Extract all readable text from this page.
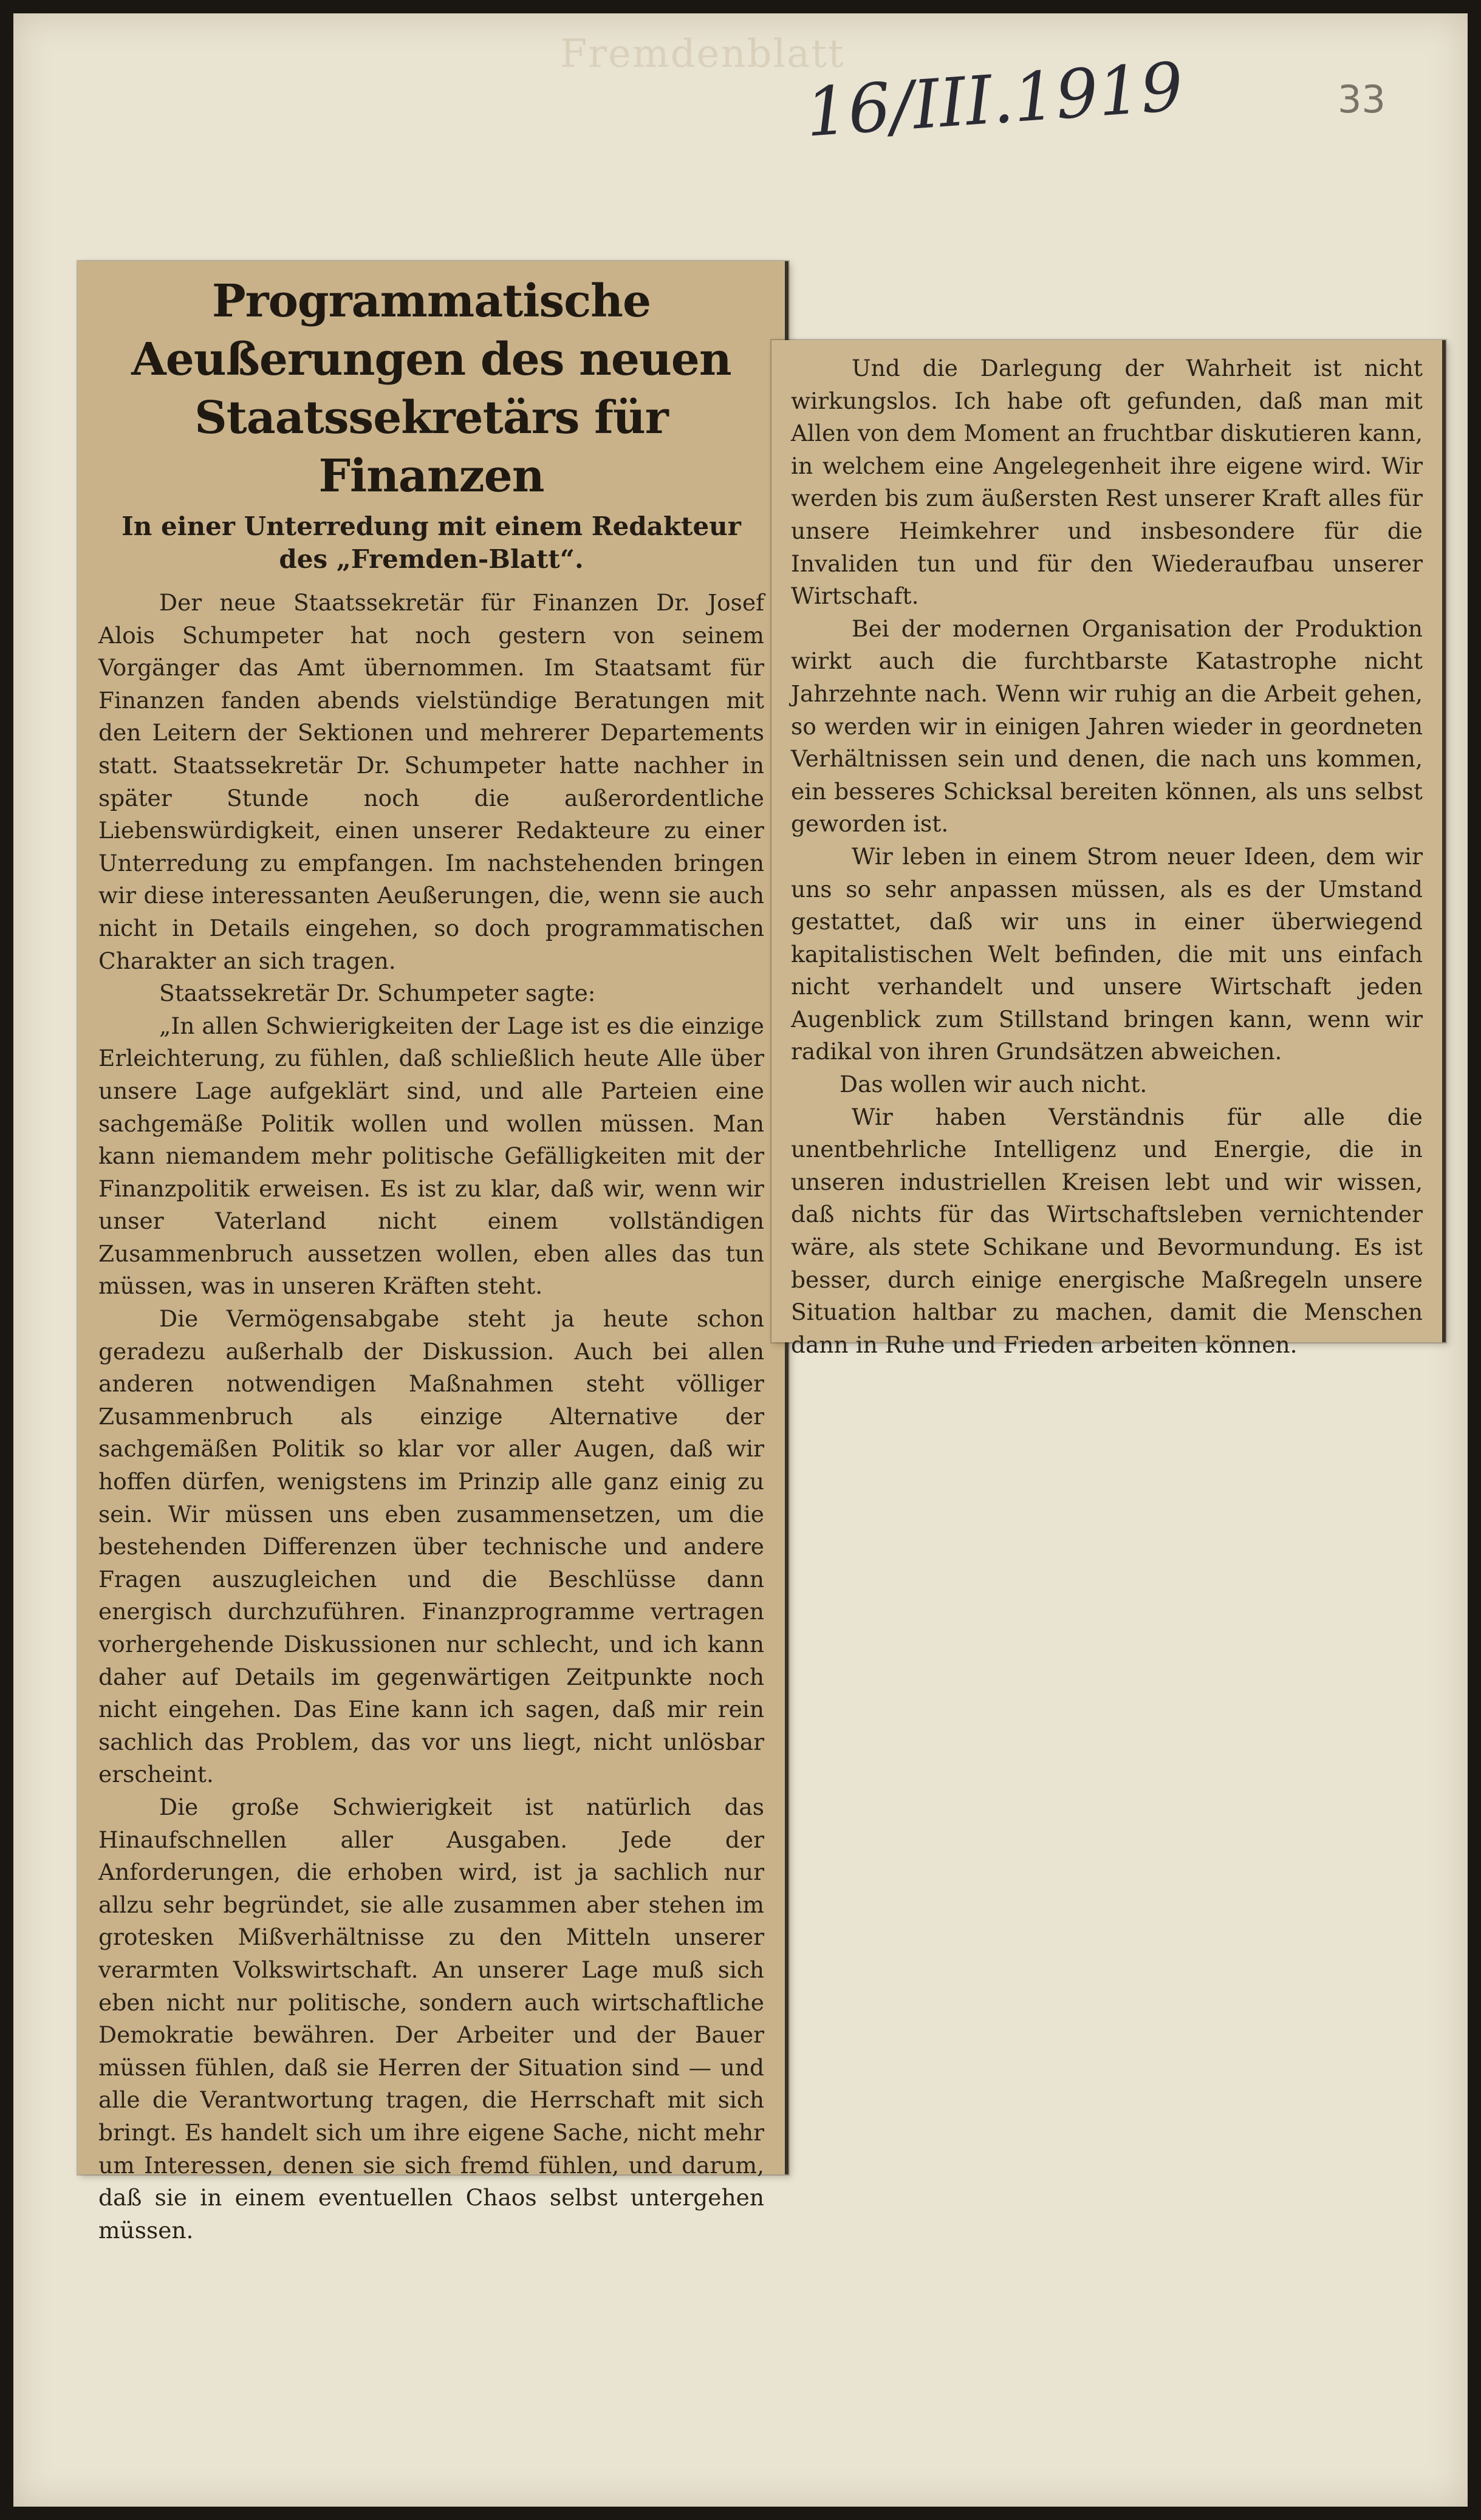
Fremdenblatt
16/III.1919	33
Programmatische Aeußerungen des neuen Staatssekretärs für Finanzen
In einer Unterredung mit einem Redakteur des „Fremden-Blatt“.

Der neue Staatssekretär für Finanzen Dr. Josef Alois Schumpeter hat noch gestern von seinem Vorgänger das Amt übernommen. Im Staatsamt für Finanzen fanden abends vielstündige Beratungen mit den Leitern der Sektionen und mehrerer Departements statt. Staatssekretär Dr. Schumpeter hatte nachher in später Stunde noch die außerordentliche Liebenswürdigkeit, einen unserer Redakteure zu einer Unterredung zu empfangen. Im nachstehenden bringen wir diese interessanten Aeußerungen, die, wenn sie auch nicht in Details eingehen, so doch programmatischen Charakter an sich tragen.

Staatssekretär Dr. Schumpeter sagte:

„In allen Schwierigkeiten der Lage ist es die einzige Erleichterung, zu fühlen, daß schließlich heute Alle über unsere Lage aufgeklärt sind, und alle Parteien eine sachgemäße Politik wollen und wollen müssen. Man kann niemandem mehr politische Gefälligkeiten mit der Finanzpolitik erweisen. Es ist zu klar, daß wir, wenn wir unser Vaterland nicht einem vollständigen Zusammenbruch aussetzen wollen, eben alles das tun müssen, was in unseren Kräften steht.

Die Vermögensabgabe steht ja heute schon geradezu außerhalb der Diskussion. Auch bei allen anderen notwendigen Maßnahmen steht völliger Zusammenbruch als einzige Alternative der sachgemäßen Politik so klar vor aller Augen, daß wir hoffen dürfen, wenigstens im Prinzip alle ganz einig zu sein. Wir müssen uns eben zusammensetzen, um die bestehenden Differenzen über technische und andere Fragen auszugleichen und die Beschlüsse dann energisch durchzuführen. Finanzprogramme vertragen vorhergehende Diskussionen nur schlecht, und ich kann daher auf Details im gegenwärtigen Zeitpunkte noch nicht eingehen. Das Eine kann ich sagen, daß mir rein sachlich das Problem, das vor uns liegt, nicht unlösbar erscheint.

Die große Schwierigkeit ist natürlich das Hinaufschnellen aller Ausgaben. Jede der Anforderungen, die erhoben wird, ist ja sachlich nur allzu sehr begründet, sie alle zusammen aber stehen im grotesken Mißverhältnisse zu den Mitteln unserer verarmten Volkswirtschaft. An unserer Lage muß sich eben nicht nur politische, sondern auch wirtschaftliche Demokratie bewähren. Der Arbeiter und der Bauer müssen fühlen, daß sie Herren der Situation sind — und alle die Verantwortung tragen, die Herrschaft mit sich bringt. Es handelt sich um ihre eigene Sache, nicht mehr um Interessen, denen sie sich fremd fühlen, und darum, daß sie in einem eventuellen Chaos selbst untergehen müssen.

Und die Darlegung der Wahrheit ist nicht wirkungslos. Ich habe oft gefunden, daß man mit Allen von dem Moment an fruchtbar diskutieren kann, in welchem eine Angelegenheit ihre eigene wird. Wir werden bis zum äußersten Rest unserer Kraft alles für unsere Heimkehrer und insbesondere für die Invaliden tun und für den Wiederaufbau unserer Wirtschaft.

Bei der modernen Organisation der Produktion wirkt auch die furchtbarste Katastrophe nicht Jahrzehnte nach. Wenn wir ruhig an die Arbeit gehen, so werden wir in einigen Jahren wieder in geordneten Verhältnissen sein und denen, die nach uns kommen, ein besseres Schicksal bereiten können, als uns selbst geworden ist.

Wir leben in einem Strom neuer Ideen, dem wir uns so sehr anpassen müssen, als es der Umstand gestattet, daß wir uns in einer überwiegend kapitalistischen Welt befinden, die mit uns einfach nicht verhandelt und unsere Wirtschaft jeden Augenblick zum Stillstand bringen kann, wenn wir radikal von ihren Grundsätzen abweichen.

Das wollen wir auch nicht.

Wir haben Verständnis für alle die unentbehrliche Intelligenz und Energie, die in unseren industriellen Kreisen lebt und wir wissen, daß nichts für das Wirtschaftsleben vernichtender wäre, als stete Schikane und Bevormundung. Es ist besser, durch einige energische Maßregeln unsere Situation haltbar zu machen, damit die Menschen dann in Ruhe und Frieden arbeiten können.
